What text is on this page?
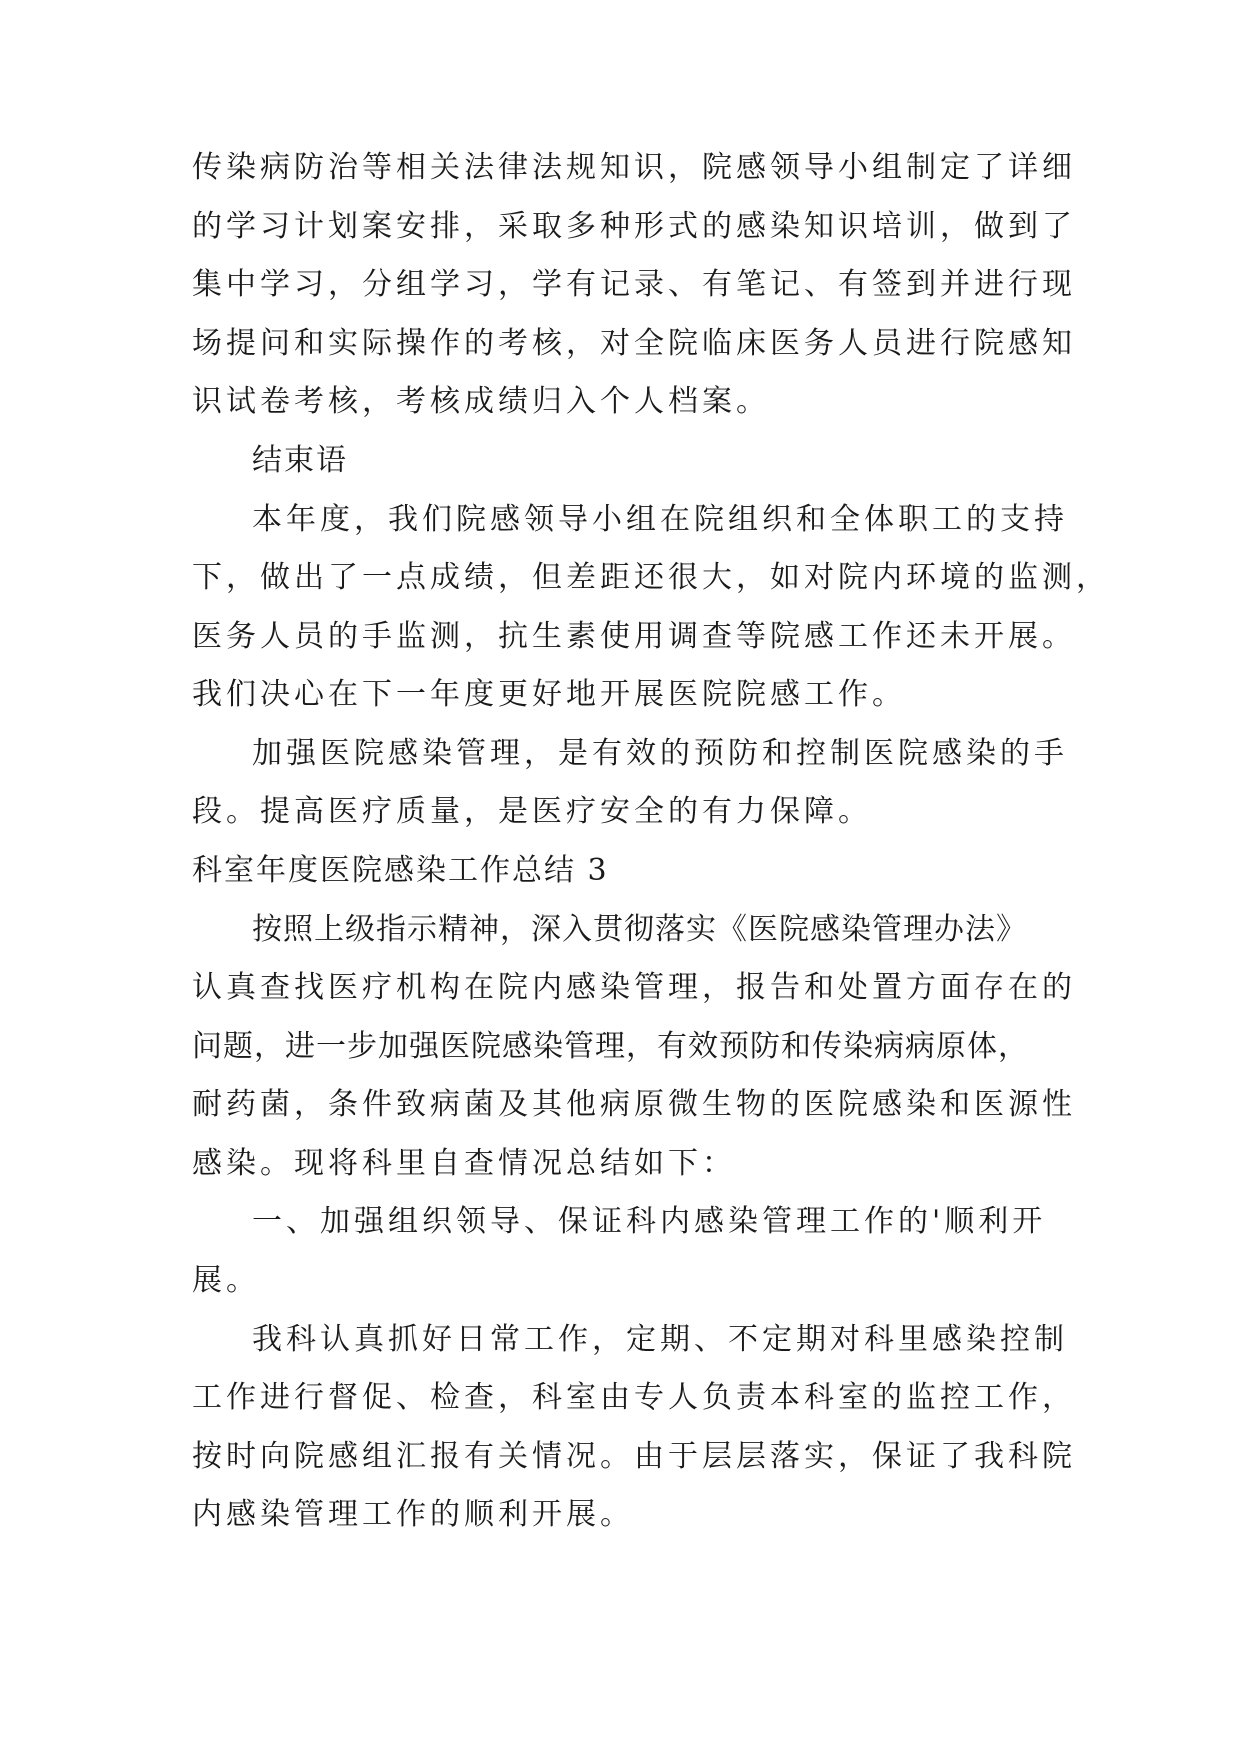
传染病防治等相关法律法规知识，院感领导小组制定了详细
的学习计划案安排，采取多种形式的感染知识培训，做到了
集中学习，分组学习，学有记录、有笔记、有签到并进行现
场提问和实际操作的考核，对全院临床医务人员进行院感知
识试卷考核，考核成绩归入个人档案。
结束语
本年度，我们院感领导小组在院组织和全体职工的支持
下，做出了一点成绩，但差距还很大，如对院内环境的监测，
医务人员的手监测，抗生素使用调查等院感工作还未开展。
我们决心在下一年度更好地开展医院院感工作。
加强医院感染管理，是有效的预防和控制医院感染的手
段。提高医疗质量，是医疗安全的有力保障。
科室年度医院感染工作总结 3
按照上级指示精神，深入贯彻落实《医院感染管理办法》
认真查找医疗机构在院内感染管理，报告和处置方面存在的
问题，进一步加强医院感染管理，有效预防和传染病病原体，
耐药菌，条件致病菌及其他病原微生物的医院感染和医源性
感染。现将科里自查情况总结如下：
一、加强组织领导、保证科内感染管理工作的'顺利开
展。
我科认真抓好日常工作，定期、不定期对科里感染控制
工作进行督促、检查，科室由专人负责本科室的监控工作，
按时向院感组汇报有关情况。由于层层落实，保证了我科院
内感染管理工作的顺利开展。
